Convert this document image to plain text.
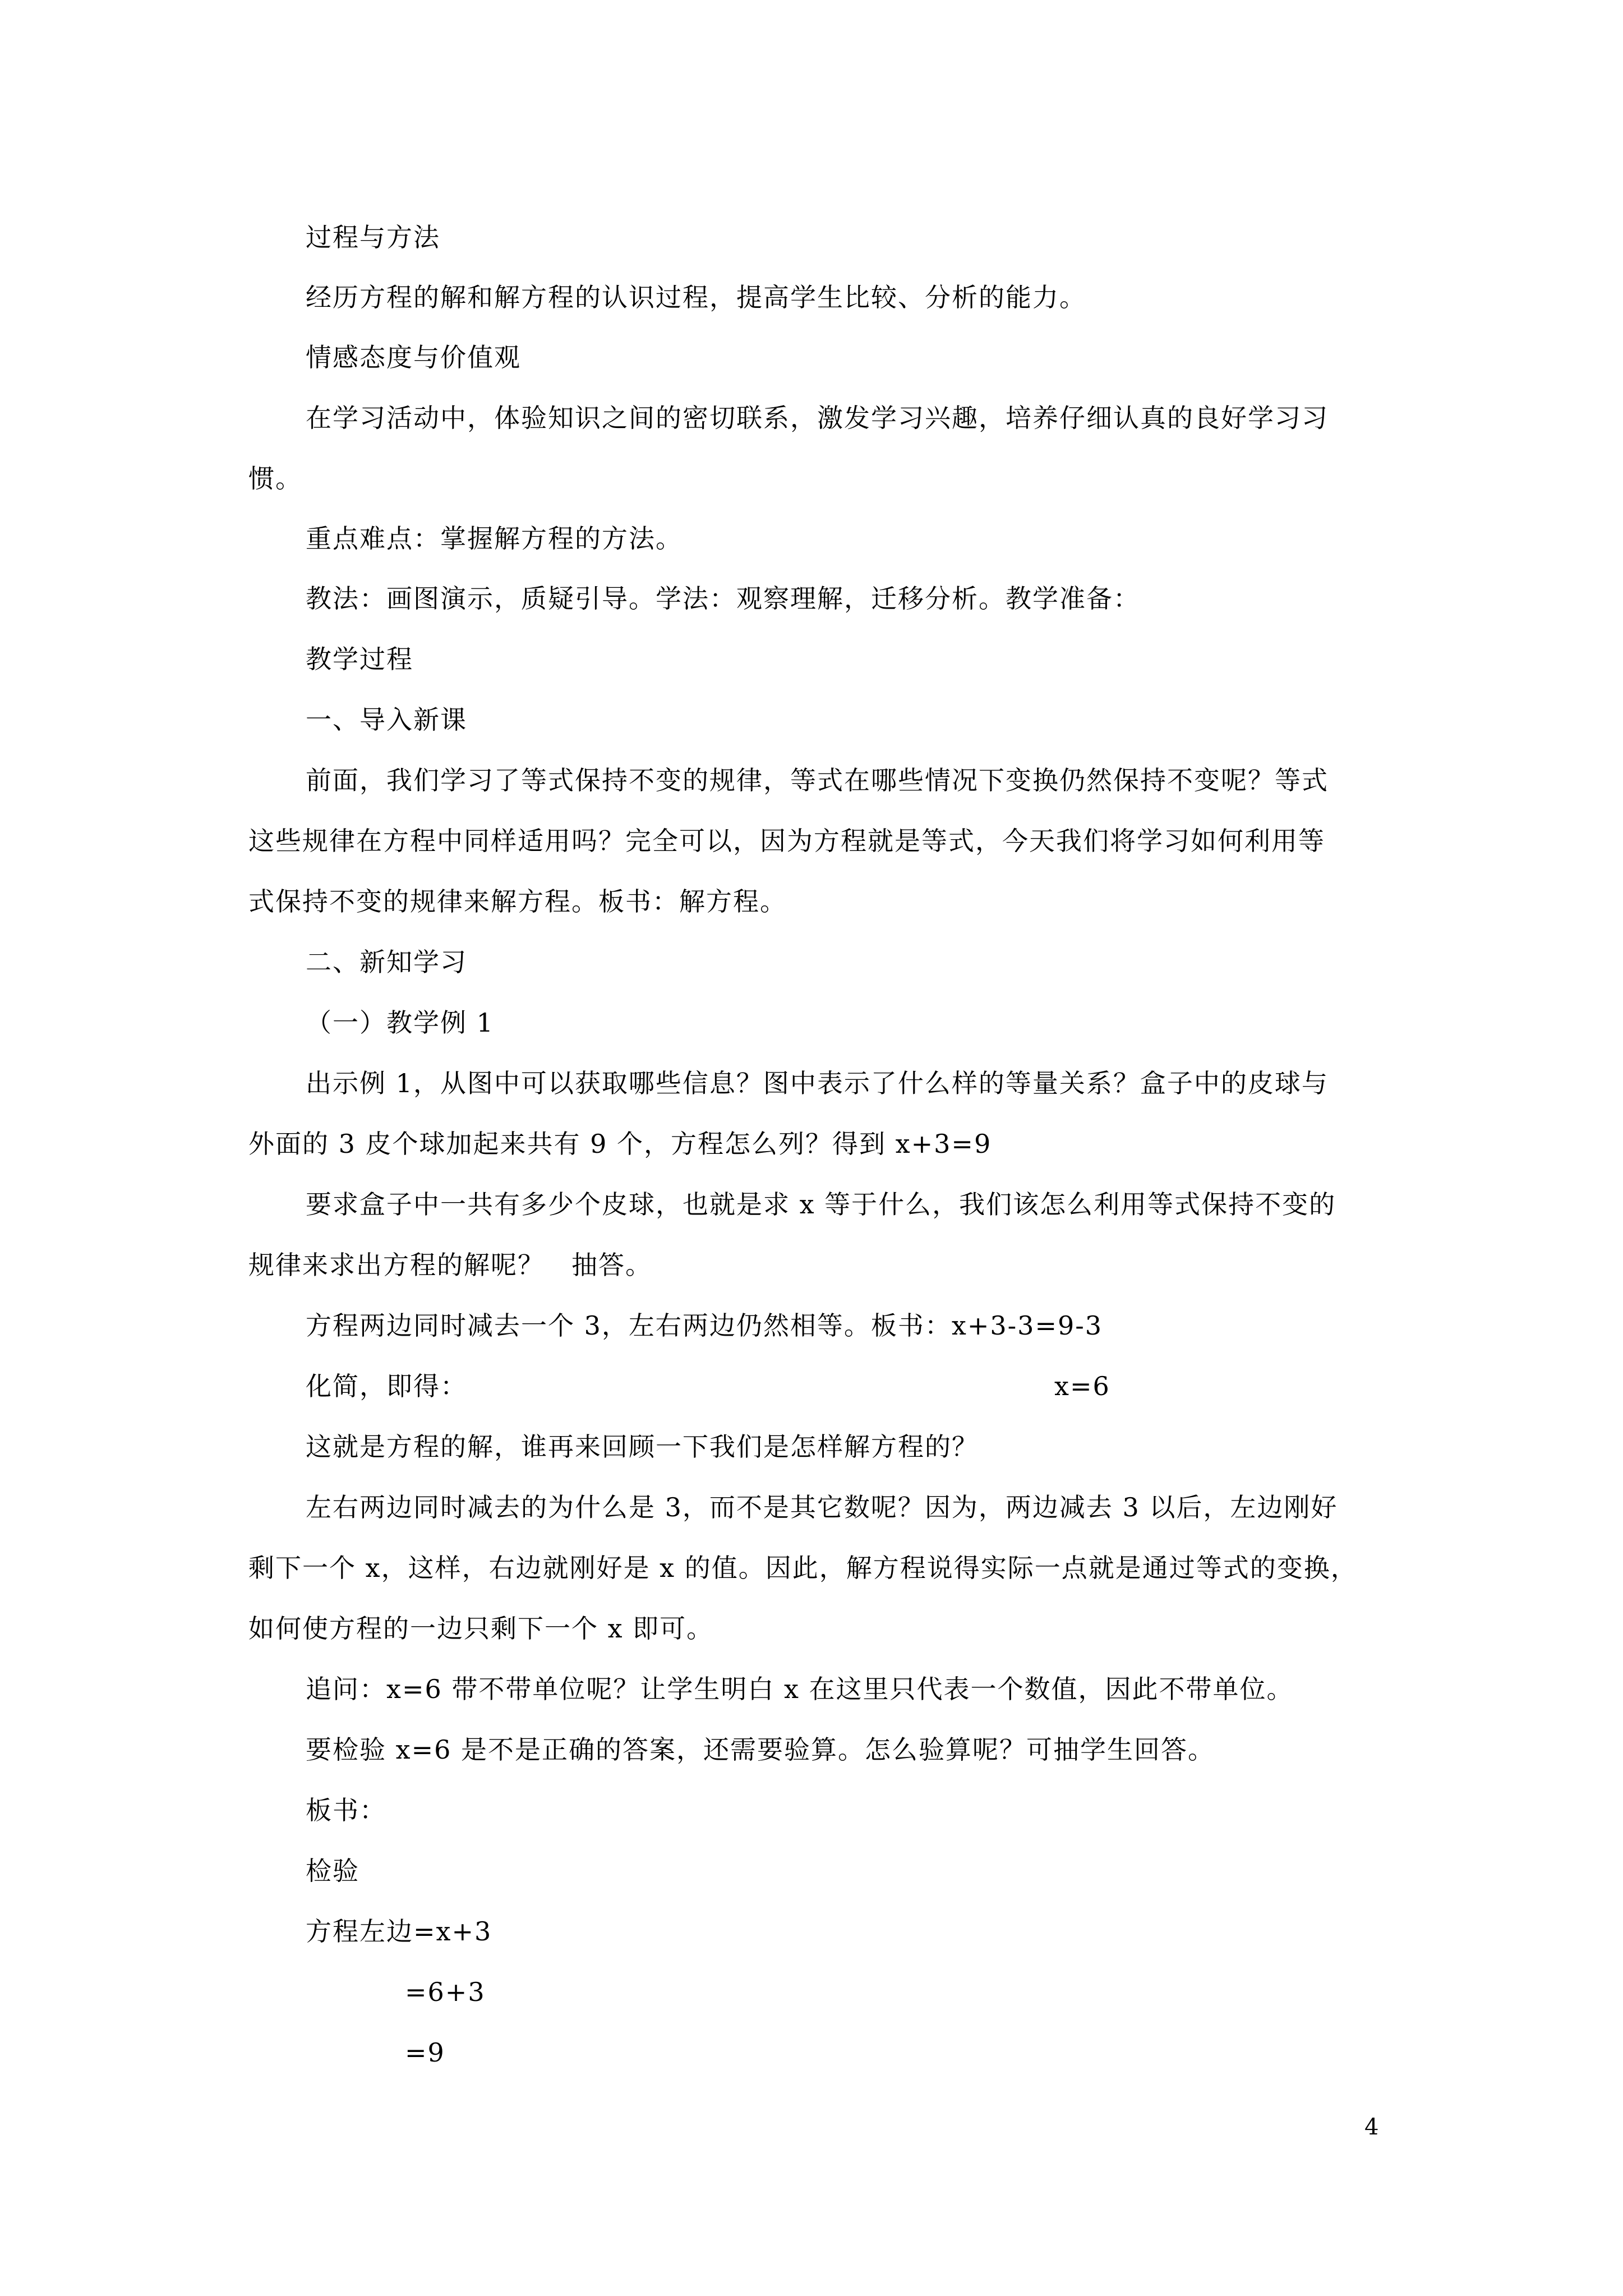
过程与方法

经历方程的解和解方程的认识过程，提高学生比较、分析的能力。

情感态度与价值观

在学习活动中，体验知识之间的密切联系，激发学习兴趣，培养仔细认真的良好学习习

惯。

重点难点：掌握解方程的方法。

教法：画图演示，质疑引导。学法：观察理解，迁移分析。教学准备：

教学过程

一、导入新课

前面，我们学习了等式保持不变的规律，等式在哪些情况下变换仍然保持不变呢？等式

这些规律在方程中同样适用吗？完全可以，因为方程就是等式，今天我们将学习如何利用等

式保持不变的规律来解方程。板书：解方程。

二、新知学习

（一）教学例 1

出示例 1，从图中可以获取哪些信息？图中表示了什么样的等量关系？盒子中的皮球与

外面的 3 皮个球加起来共有 9 个，方程怎么列？得到 x+3=9

要求盒子中一共有多少个皮球，也就是求 x 等于什么，我们该怎么利用等式保持不变的

规律来求出方程的解呢？　抽答。

方程两边同时减去一个 3，左右两边仍然相等。板书：x+3-3=9-3

化简，即得：	x=6

这就是方程的解，谁再来回顾一下我们是怎样解方程的？

左右两边同时减去的为什么是 3，而不是其它数呢？因为，两边减去 3 以后，左边刚好

剩下一个 x，这样，右边就刚好是 x 的值。因此，解方程说得实际一点就是通过等式的变换，

如何使方程的一边只剩下一个 x 即可。

追问：x=6 带不带单位呢？让学生明白 x 在这里只代表一个数值，因此不带单位。

要检验 x=6 是不是正确的答案，还需要验算。怎么验算呢？可抽学生回答。

板书：

检验

方程左边=x+3

=6+3

=9

4
